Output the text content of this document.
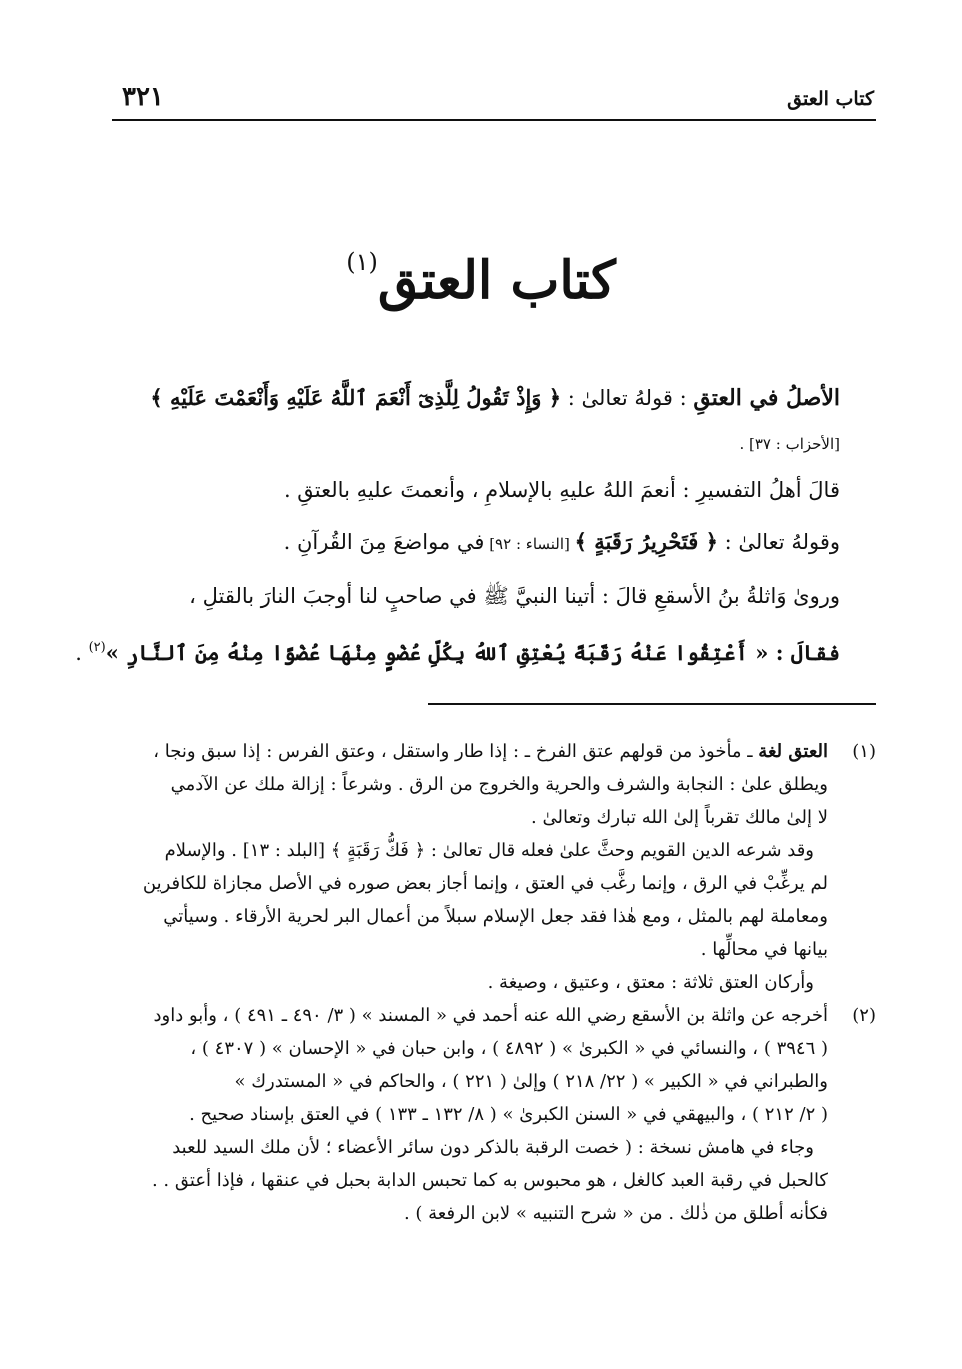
كتاب العتق
٣٢١
كتاب العتق(١)
الأصلُ في العتقِ : قولهُ تعالىٰ : ﴿ وَإِذْ تَقُولُ لِلَّذِىٓ أَنْعَمَ ٱللَّهُ عَلَيْهِ وَأَنْعَمْتَ عَلَيْهِ ﴾
[الأحزاب : ٣٧] .
قالَ أهلُ التفسيرِ : أنعمَ اللهُ عليهِ بالإسلامِ ، وأنعمتَ عليهِ بالعتقِ .
وقولهُ تعالىٰ : ﴿ فَتَحْرِيرُ رَقَبَةٍ ﴾ [النساء : ٩٢] في مواضعَ مِنَ القُرآنِ .
وروىٰ وَاثلةُ بنُ الأسقعِ قالَ : أتينا النبيَّ ﷺ في صاحبٍ لنا أوجبَ النارَ بالقتلِ ،
فقالَ : « أَعْتِقُوا عَنْهُ رَقَبَةً يُعْتِقِ ٱللهُ بِكُلِّ عُضْوٍ مِنْهَا عُضْوًا مِنْهُ مِنَ ٱلنَّارِ »$^{(٢)}$ .
(١)
العتق لغة ـ مأخوذ من قولهم عتق الفرخ ـ : إذا طار واستقل ، وعتق الفرس : إذا سبق ونجا ،
ويطلق علىٰ : النجابة والشرف والحرية والخروج من الرق . وشرعاً : إزالة ملك عن الآدمي
لا إلىٰ مالك تقرباً إلىٰ الله تبارك وتعالىٰ .
وقد شرعه الدين القويم وحثَّ علىٰ فعله قال تعالىٰ : ﴿ فَكُّ رَقَبَةٍ ﴾ [البلد : ١٣] . والإسلام
لم يرغِّبْ في الرق ، وإنما رغَّب في العتق ، وإنما أجاز بعض صوره في الأصل مجازاة للكافرين
ومعاملة لهم بالمثل ، ومع هٰذا فقد جعل الإسلام سبلاً من أعمال البر لحرية الأرقاء . وسيأتي
بيانها في محالِّها .
وأركان العتق ثلاثة : معتق ، وعتيق ، وصيغة .
(٢)
أخرجه عن واثلة بن الأسقع رضي الله عنه أحمد في « المسند » ( ٣/ ٤٩٠ ـ ٤٩١ ) ، وأبو داود
( ٣٩٤٦ ) ، والنسائي في « الكبرىٰ » ( ٤٨٩٢ ) ، وابن حبان في « الإحسان » ( ٤٣٠٧ ) ،
والطبراني في « الكبير » ( ٢٢/ ٢١٨ ) وإلىٰ ( ٢٢١ ) ، والحاكم في « المستدرك »
( ٢/ ٢١٢ ) ، والبيهقي في « السنن الكبرىٰ » ( ٨/ ١٣٢ ـ ١٣٣ ) في العتق بإسناد صحيح .
وجاء في هامش نسخة : ( خصت الرقبة بالذكر دون سائر الأعضاء ؛ لأن ملك السيد للعبد
كالحبل في رقبة العبد كالغل ، هو محبوس به كما تحبس الدابة بحبل في عنقها ، فإذا أعتق . .
فكأنه أطلق من ذٰلك . من « شرح التنبيه » لابن الرفعة ) .
